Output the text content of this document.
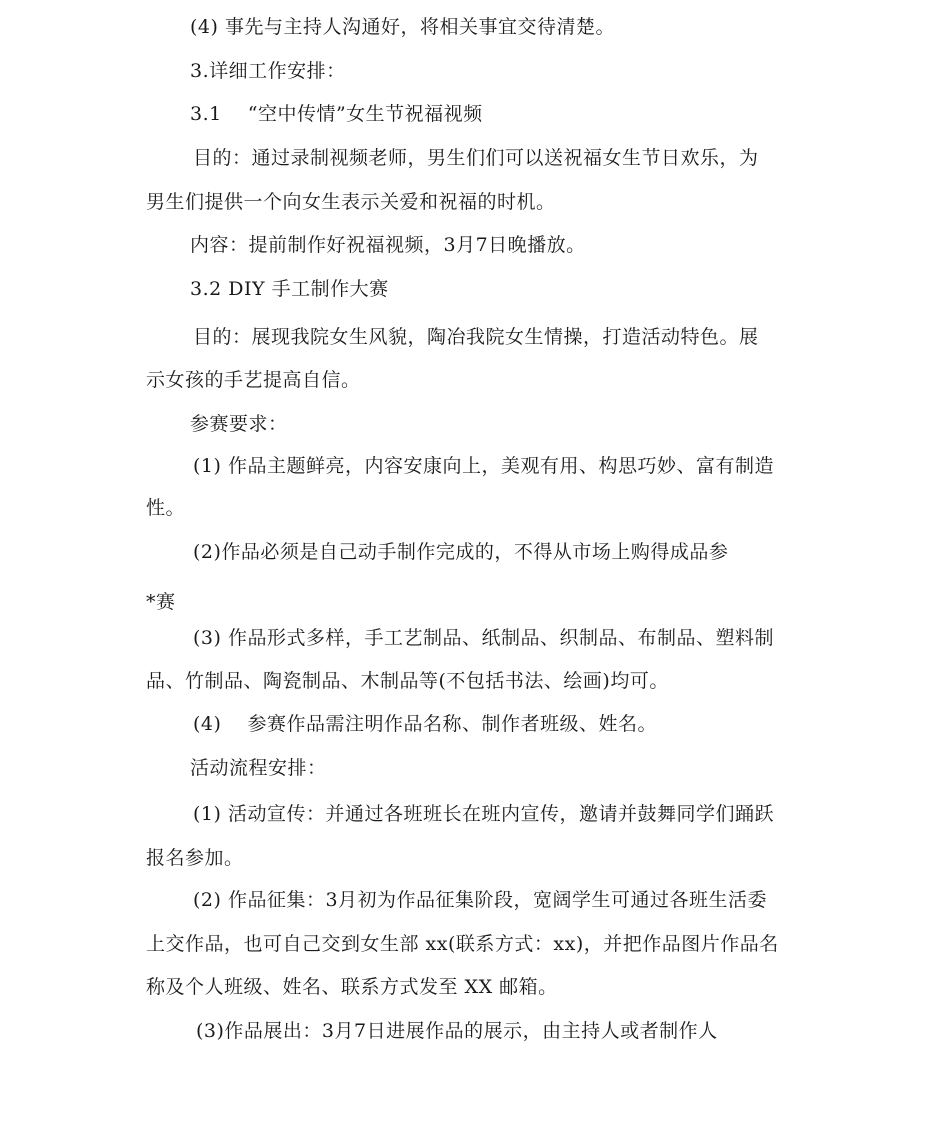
(4) 事先与主持人沟通好，将相关事宜交待清楚。
3.详细工作安排：
3.1　 “空中传情”女生节祝福视频
目的：通过录制视频老师，男生们们可以送祝福女生节日欢乐，为
男生们提供一个向女生表示关爱和祝福的时机。
内容：提前制作好祝福视频，3月7日晚播放。
3.2 DIY 手工制作大赛
目的：展现我院女生风貌，陶冶我院女生情操，打造活动特色。展
示女孩的手艺提高自信。
参赛要求：
(1) 作品主题鲜亮，内容安康向上，美观有用、构思巧妙、富有制造
性。
(2)作品必须是自己动手制作完成的，不得从市场上购得成品参
*赛
(3) 作品形式多样，手工艺制品、纸制品、织制品、布制品、塑料制
品、竹制品、陶瓷制品、木制品等(不包括书法、绘画)均可。
(4)　 参赛作品需注明作品名称、制作者班级、姓名。
活动流程安排：
(1) 活动宣传：并通过各班班长在班内宣传，邀请并鼓舞同学们踊跃
报名参加。
(2) 作品征集：3月初为作品征集阶段，宽阔学生可通过各班生活委
上交作品，也可自己交到女生部 xx(联系方式：xx)，并把作品图片作品名
称及个人班级、姓名、联系方式发至 XX 邮箱。
(3)作品展出：3月7日进展作品的展示，由主持人或者制作人
